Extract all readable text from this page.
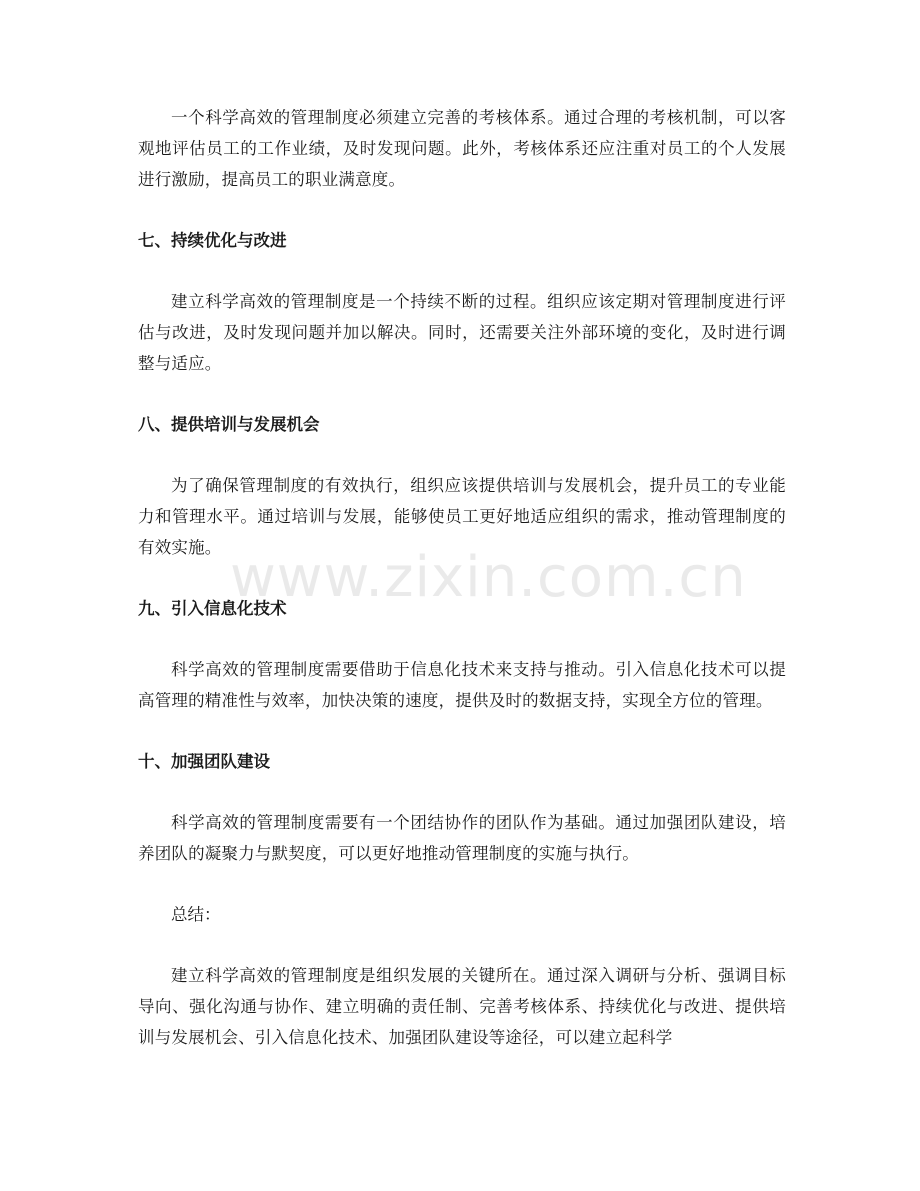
一个科学高效的管理制度必须建立完善的考核体系。通过合理的考核机制，可以客观地评估员工的工作业绩，及时发现问题。此外，考核体系还应注重对员工的个人发展进行激励，提高员工的职业满意度。

七、持续优化与改进

建立科学高效的管理制度是一个持续不断的过程。组织应该定期对管理制度进行评估与改进，及时发现问题并加以解决。同时，还需要关注外部环境的变化，及时进行调整与适应。

八、提供培训与发展机会

为了确保管理制度的有效执行，组织应该提供培训与发展机会，提升员工的专业能力和管理水平。通过培训与发展，能够使员工更好地适应组织的需求，推动管理制度的有效实施。

九、引入信息化技术

科学高效的管理制度需要借助于信息化技术来支持与推动。引入信息化技术可以提高管理的精准性与效率，加快决策的速度，提供及时的数据支持，实现全方位的管理。

十、加强团队建设

科学高效的管理制度需要有一个团结协作的团队作为基础。通过加强团队建设，培养团队的凝聚力与默契度，可以更好地推动管理制度的实施与执行。

总结：

建立科学高效的管理制度是组织发展的关键所在。通过深入调研与分析、强调目标导向、强化沟通与协作、建立明确的责任制、完善考核体系、持续优化与改进、提供培训与发展机会、引入信息化技术、加强团队建设等途径，可以建立起科学

www.zixin.com.cn
